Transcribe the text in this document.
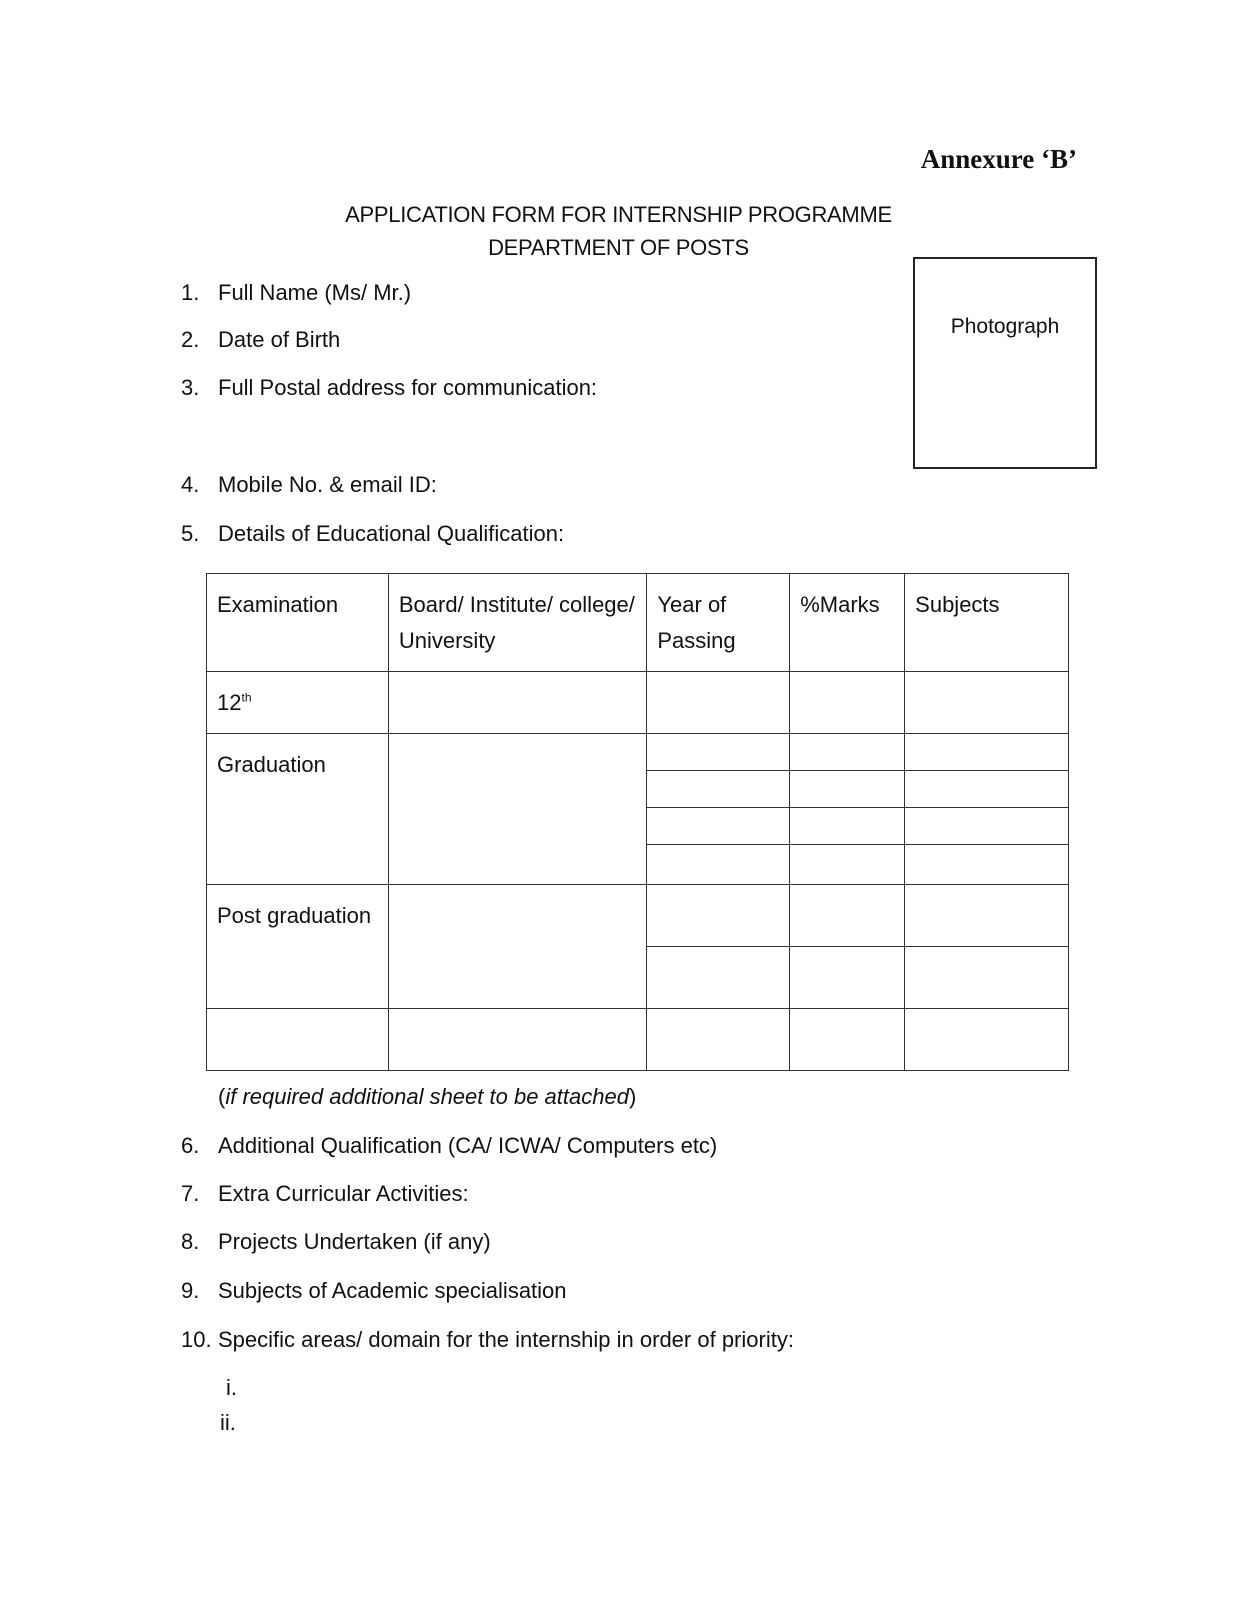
Annexure ‘B’
APPLICATION FORM FOR INTERNSHIP PROGRAMME
DEPARTMENT OF POSTS
Photograph
1. Full Name (Ms/ Mr.)
2. Date of Birth
3. Full Postal address for communication:
4. Mobile No. & email ID:
5. Details of Educational Qualification:
Examination	Board/ Institute/ college/ University	Year of Passing	%Marks	Subjects
12th				
Graduation				

Post graduation				

(if required additional sheet to be attached)
6. Additional Qualification (CA/ ICWA/ Computers etc)
7. Extra Curricular Activities:
8. Projects Undertaken (if any)
9. Subjects of Academic specialisation
10. Specific areas/ domain for the internship in order of priority:
i.
ii.
